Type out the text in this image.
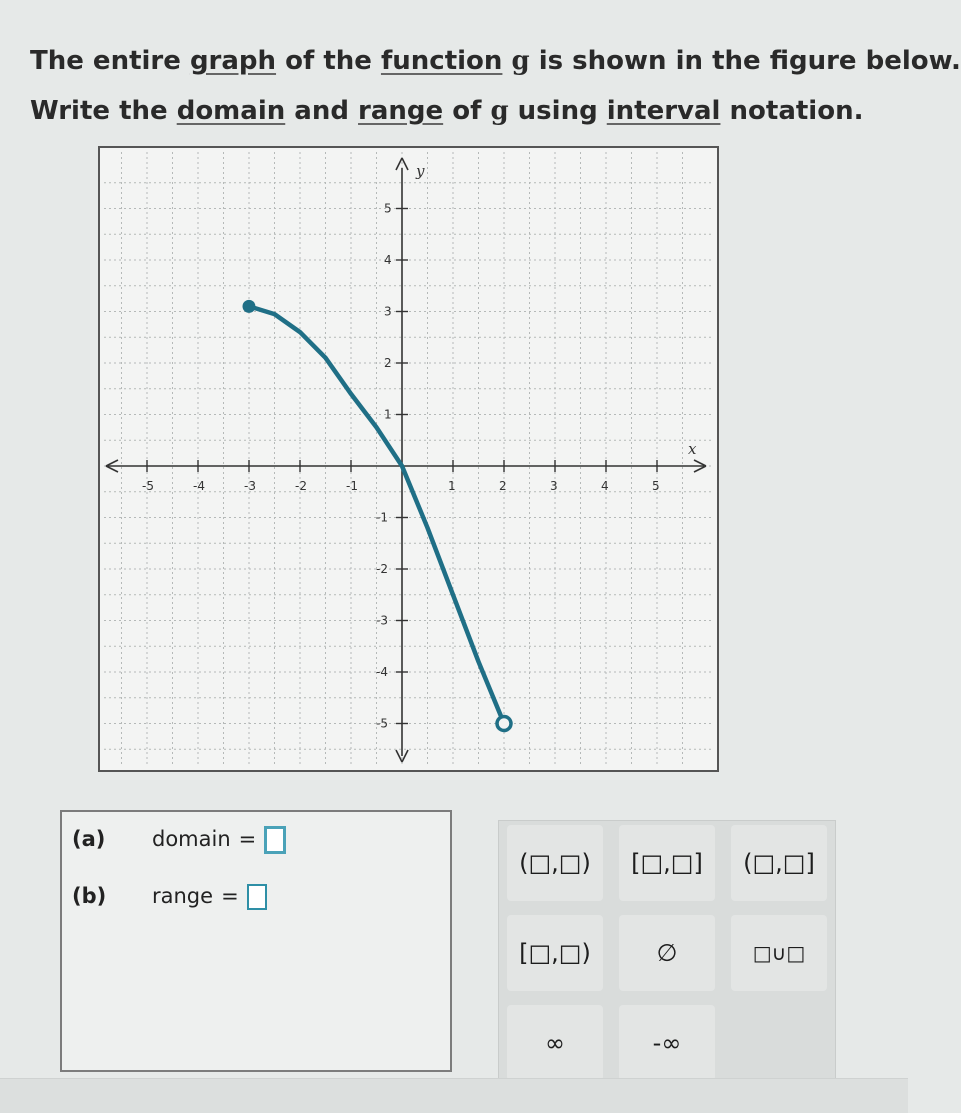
The entire graph of the function g is shown in the figure below.
Write the domain and range of g using interval notation.
x
y
-5	-4	-3	-2	-1	1	2	3	4	5
5
4
3
2
1
-1
-2
-3
-4
-5
(a) domain =
(b) range =
(□,□)	[□,□]	(□,□]
[□,□)	∅	□∪□
∞	-∞
